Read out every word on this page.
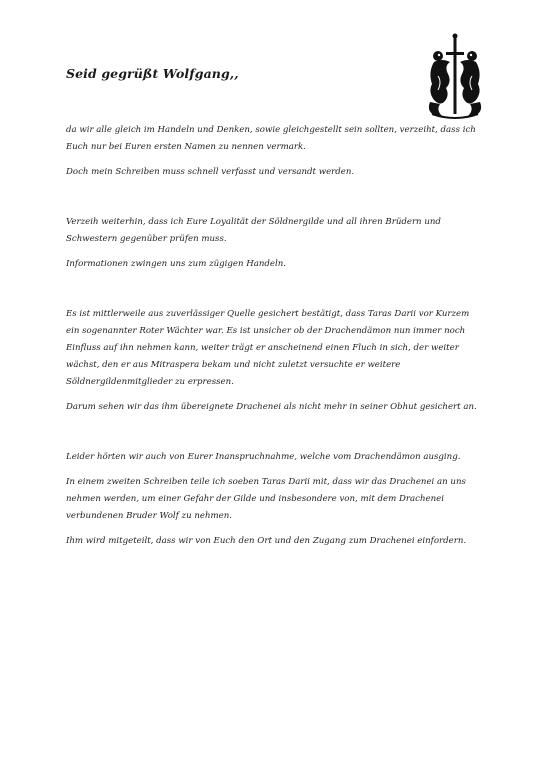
Seid gegrüßt Wolfgang,,

da wir alle gleich im Handeln und Denken, sowie gleichgestellt sein sollten, verzeiht, dass ich Euch nur bei Euren ersten Namen zu nennen vermark.

Doch mein Schreiben muss schnell verfasst und versandt werden.

Verzeih weiterhin, dass ich Eure Loyalität der Söldnergilde und all ihren Brüdern und Schwestern gegenüber prüfen muss.

Informationen zwingen uns zum zügigen Handeln.

Es ist mittlerweile aus zuverlässiger Quelle gesichert bestätigt, dass Taras Darii vor Kurzem ein sogenannter Roter Wächter war. Es ist unsicher ob der Drachendämon nun immer noch Einfluss auf ihn nehmen kann, weiter trägt er anscheinend einen Fluch in sich, der weiter wächst, den er aus Mitraspera bekam und nicht zuletzt versuchte er weitere Söldnergildenmitglieder zu erpressen.

Darum sehen wir das ihm übereignete Drachenei als nicht mehr in seiner Obhut gesichert an.

Leider hörten wir auch von Eurer Inanspruchnahme, welche vom Drachendämon ausging.

In einem zweiten Schreiben teile ich soeben Taras Darii mit, dass wir das Drachenei an uns nehmen werden, um einer Gefahr der Gilde und insbesondere von, mit dem Drachenei verbundenen Bruder Wolf zu nehmen.

Ihm wird mitgeteilt, dass wir von Euch den Ort und den Zugang zum Drachenei einfordern.
